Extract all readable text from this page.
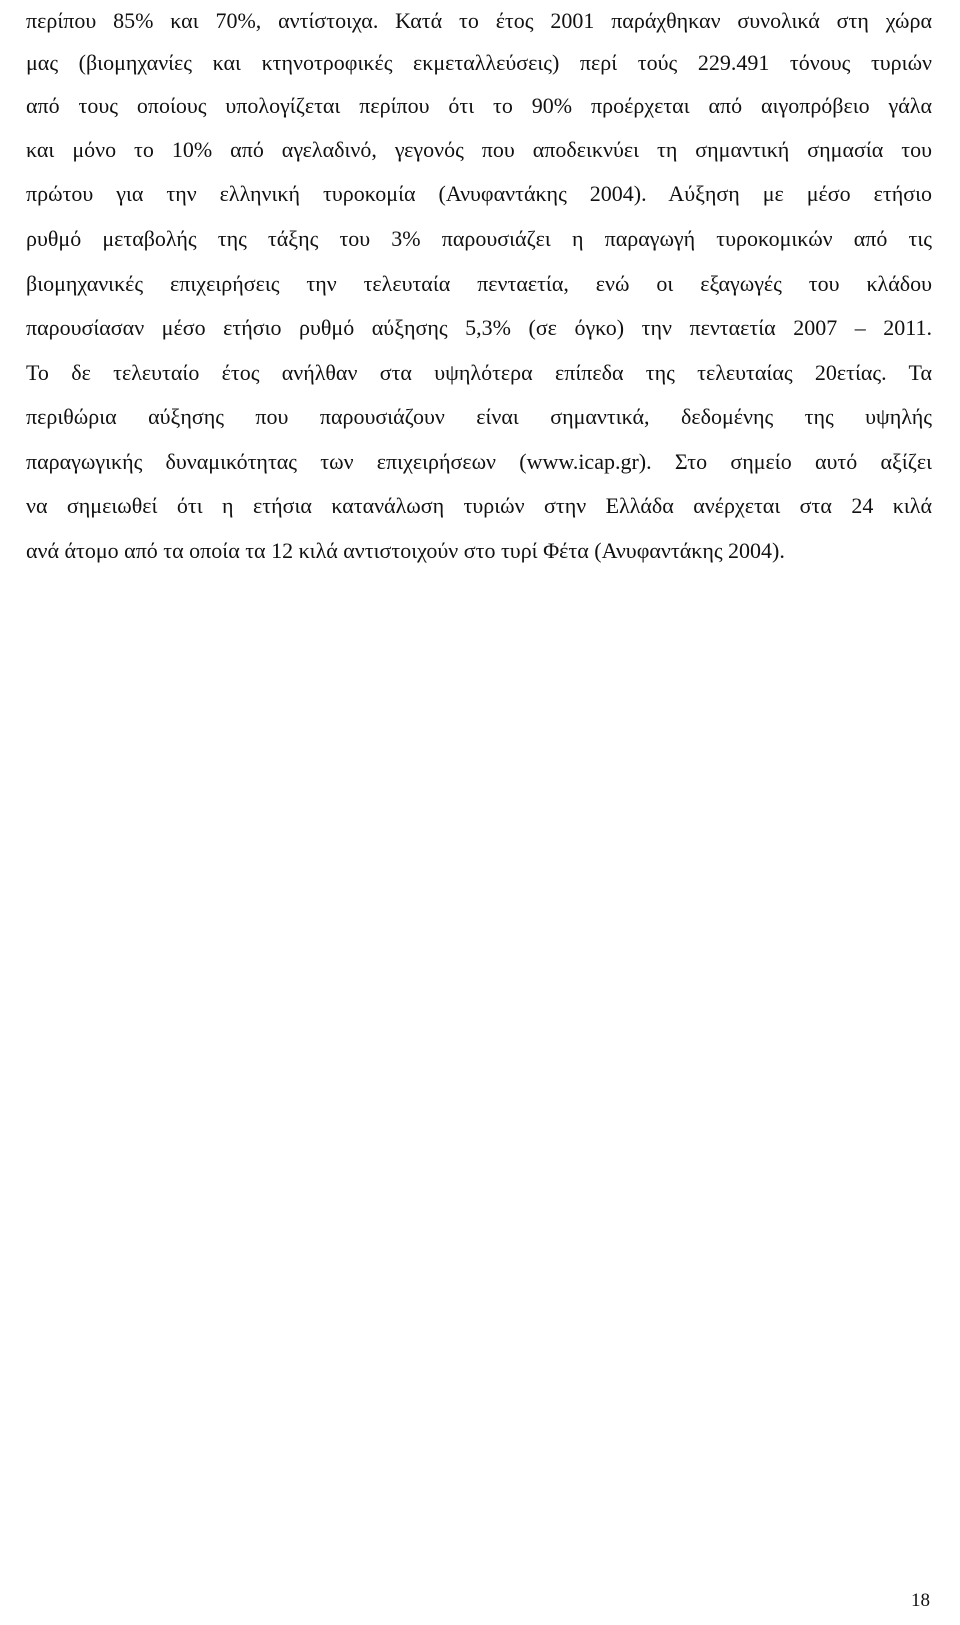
περίπου 85% και 70%, αντίστοιχα. Κατά το έτος 2001 παράχθηκαν συνολικά στη χώρα
μας (βιομηχανίες και κτηνοτροφικές εκμεταλλεύσεις) περί τούς 229.491 τόνους τυριών
από τους οποίους υπολογίζεται περίπου ότι το 90% προέρχεται από αιγοπρόβειο γάλα
και μόνο το 10% από αγελαδινό, γεγονός που αποδεικνύει τη σημαντική σημασία του
πρώτου για την ελληνική τυροκομία (Ανυφαντάκης 2004). Αύξηση με μέσο ετήσιο
ρυθμό μεταβολής της τάξης του 3% παρουσιάζει η παραγωγή τυροκομικών από τις
βιομηχανικές επιχειρήσεις την τελευταία πενταετία, ενώ οι εξαγωγές του κλάδου
παρουσίασαν μέσο ετήσιο ρυθμό αύξησης 5,3% (σε όγκο) την πενταετία 2007 – 2011.
Το δε τελευταίο έτος ανήλθαν στα υψηλότερα επίπεδα της τελευταίας 20ετίας. Τα
περιθώρια αύξησης που παρουσιάζουν είναι σημαντικά, δεδομένης της υψηλής
παραγωγικής δυναμικότητας των επιχειρήσεων (www.icap.gr). Στο σημείο αυτό αξίζει
να σημειωθεί ότι η ετήσια κατανάλωση τυριών στην Ελλάδα ανέρχεται στα 24 κιλά
ανά άτομο από τα οποία τα 12 κιλά αντιστοιχούν στο τυρί Φέτα (Ανυφαντάκης 2004).
18
